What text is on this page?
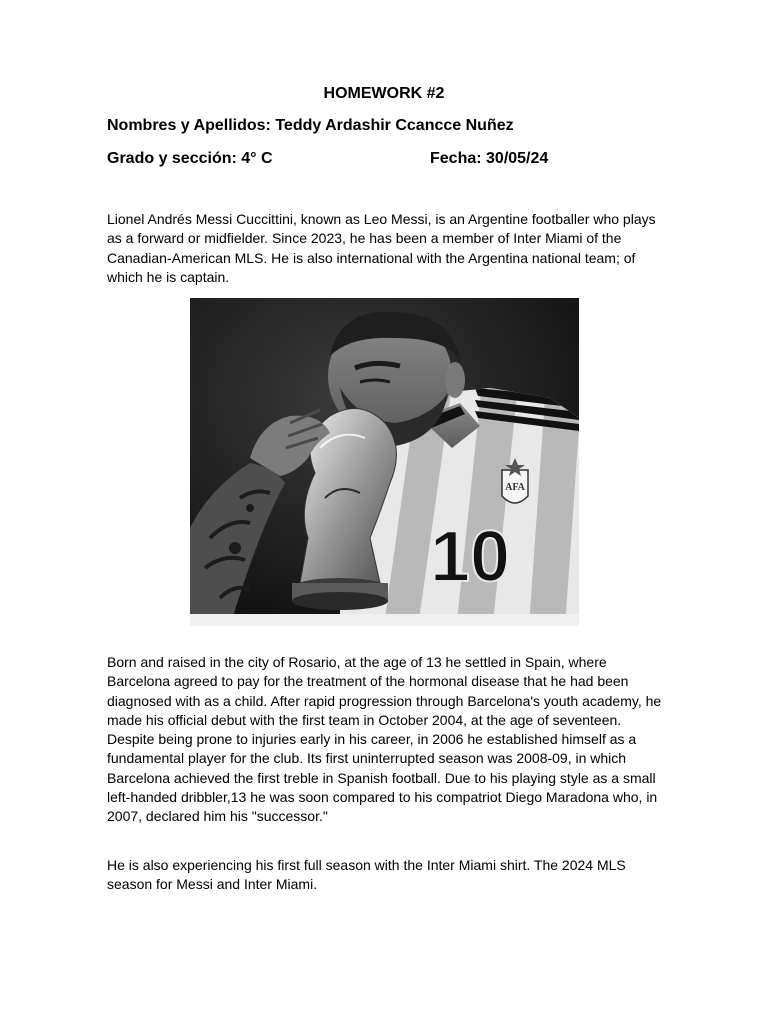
HOMEWORK #2
Nombres y Apellidos: Teddy Ardashir Ccancce Nuñez
Grado y sección: 4° C	Fecha: 30/05/24

Lionel Andrés Messi Cuccittini, known as Leo Messi, is an Argentine footballer who plays as a forward or midfielder. Since 2023, he has been a member of Inter Miami of the Canadian-American MLS. He is also international with the Argentina national team; of which he is captain.

AFA
10

Born and raised in the city of Rosario, at the age of 13 he settled in Spain, where Barcelona agreed to pay for the treatment of the hormonal disease that he had been diagnosed with as a child. After rapid progression through Barcelona's youth academy, he made his official debut with the first team in October 2004, at the age of seventeen. Despite being prone to injuries early in his career, in 2006 he established himself as a fundamental player for the club. Its first uninterrupted season was 2008-09, in which Barcelona achieved the first treble in Spanish football. Due to his playing style as a small left-handed dribbler,13 he was soon compared to his compatriot Diego Maradona who, in 2007, declared him his "successor."

He is also experiencing his first full season with the Inter Miami shirt. The 2024 MLS season for Messi and Inter Miami.
